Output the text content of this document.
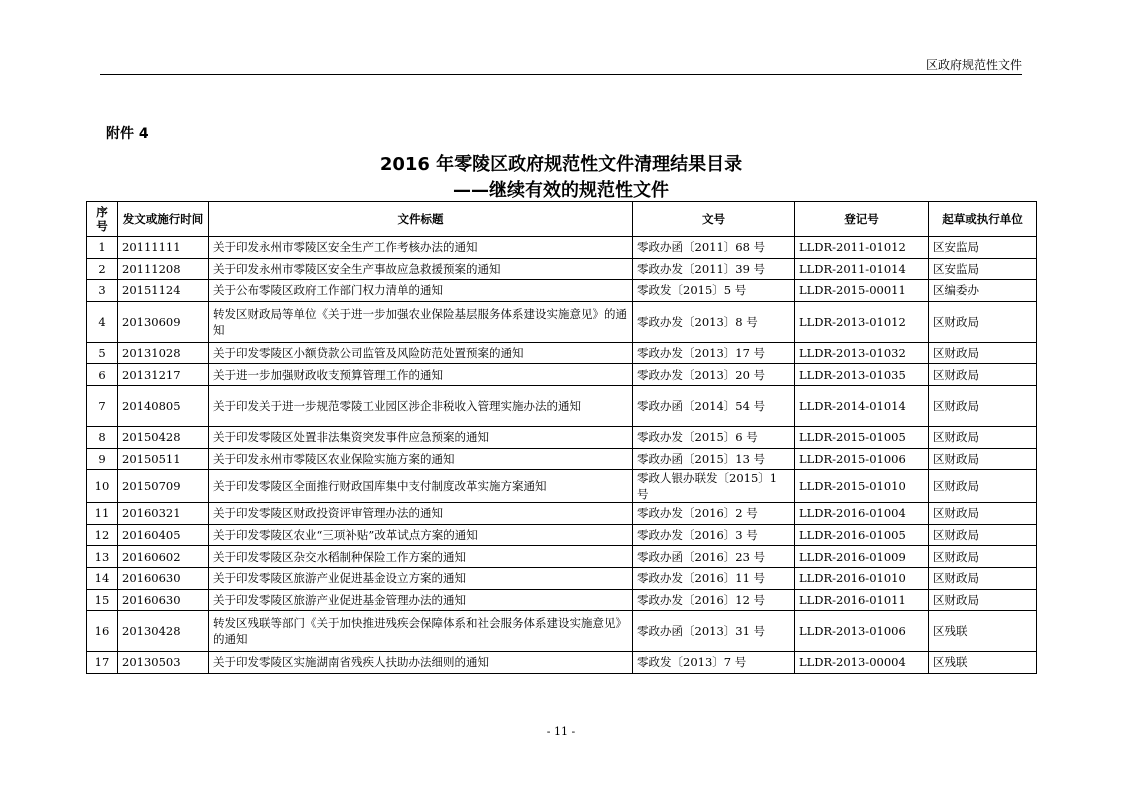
区政府规范性文件
附件 4
2016 年零陵区政府规范性文件清理结果目录
——继续有效的规范性文件
序号	发文或施行时间	文件标题	文号	登记号	起草或执行单位
1	20111111	关于印发永州市零陵区安全生产工作考核办法的通知	零政办函〔2011〕68 号	LLDR-2011-01012	区安监局
2	20111208	关于印发永州市零陵区安全生产事故应急救援预案的通知	零政办发〔2011〕39 号	LLDR-2011-01014	区安监局
3	20151124	关于公布零陵区政府工作部门权力清单的通知	零政发〔2015〕5 号	LLDR-2015-00011	区编委办
4	20130609	转发区财政局等单位《关于进一步加强农业保险基层服务体系建设实施意见》的通知	零政办发〔2013〕8 号	LLDR-2013-01012	区财政局
5	20131028	关于印发零陵区小额贷款公司监管及风险防范处置预案的通知	零政办发〔2013〕17 号	LLDR-2013-01032	区财政局
6	20131217	关于进一步加强财政收支预算管理工作的通知	零政办发〔2013〕20 号	LLDR-2013-01035	区财政局
7	20140805	关于印发关于进一步规范零陵工业园区涉企非税收入管理实施办法的通知	零政办函〔2014〕54 号	LLDR-2014-01014	区财政局
8	20150428	关于印发零陵区处置非法集资突发事件应急预案的通知	零政办发〔2015〕6 号	LLDR-2015-01005	区财政局
9	20150511	关于印发永州市零陵区农业保险实施方案的通知	零政办函〔2015〕13 号	LLDR-2015-01006	区财政局
10	20150709	关于印发零陵区全面推行财政国库集中支付制度改革实施方案通知	零政人银办联发〔2015〕1 号	LLDR-2015-01010	区财政局
11	20160321	关于印发零陵区财政投资评审管理办法的通知	零政办发〔2016〕2 号	LLDR-2016-01004	区财政局
12	20160405	关于印发零陵区农业“三项补贴”改革试点方案的通知	零政办发〔2016〕3 号	LLDR-2016-01005	区财政局
13	20160602	关于印发零陵区杂交水稻制种保险工作方案的通知	零政办函〔2016〕23 号	LLDR-2016-01009	区财政局
14	20160630	关于印发零陵区旅游产业促进基金设立方案的通知	零政办发〔2016〕11 号	LLDR-2016-01010	区财政局
15	20160630	关于印发零陵区旅游产业促进基金管理办法的通知	零政办发〔2016〕12 号	LLDR-2016-01011	区财政局
16	20130428	转发区残联等部门《关于加快推进残疾会保障体系和社会服务体系建设实施意见》的通知	零政办函〔2013〕31 号	LLDR-2013-01006	区残联
17	20130503	关于印发零陵区实施湖南省残疾人扶助办法细则的通知	零政发〔2013〕7 号	LLDR-2013-00004	区残联
- 11 -
